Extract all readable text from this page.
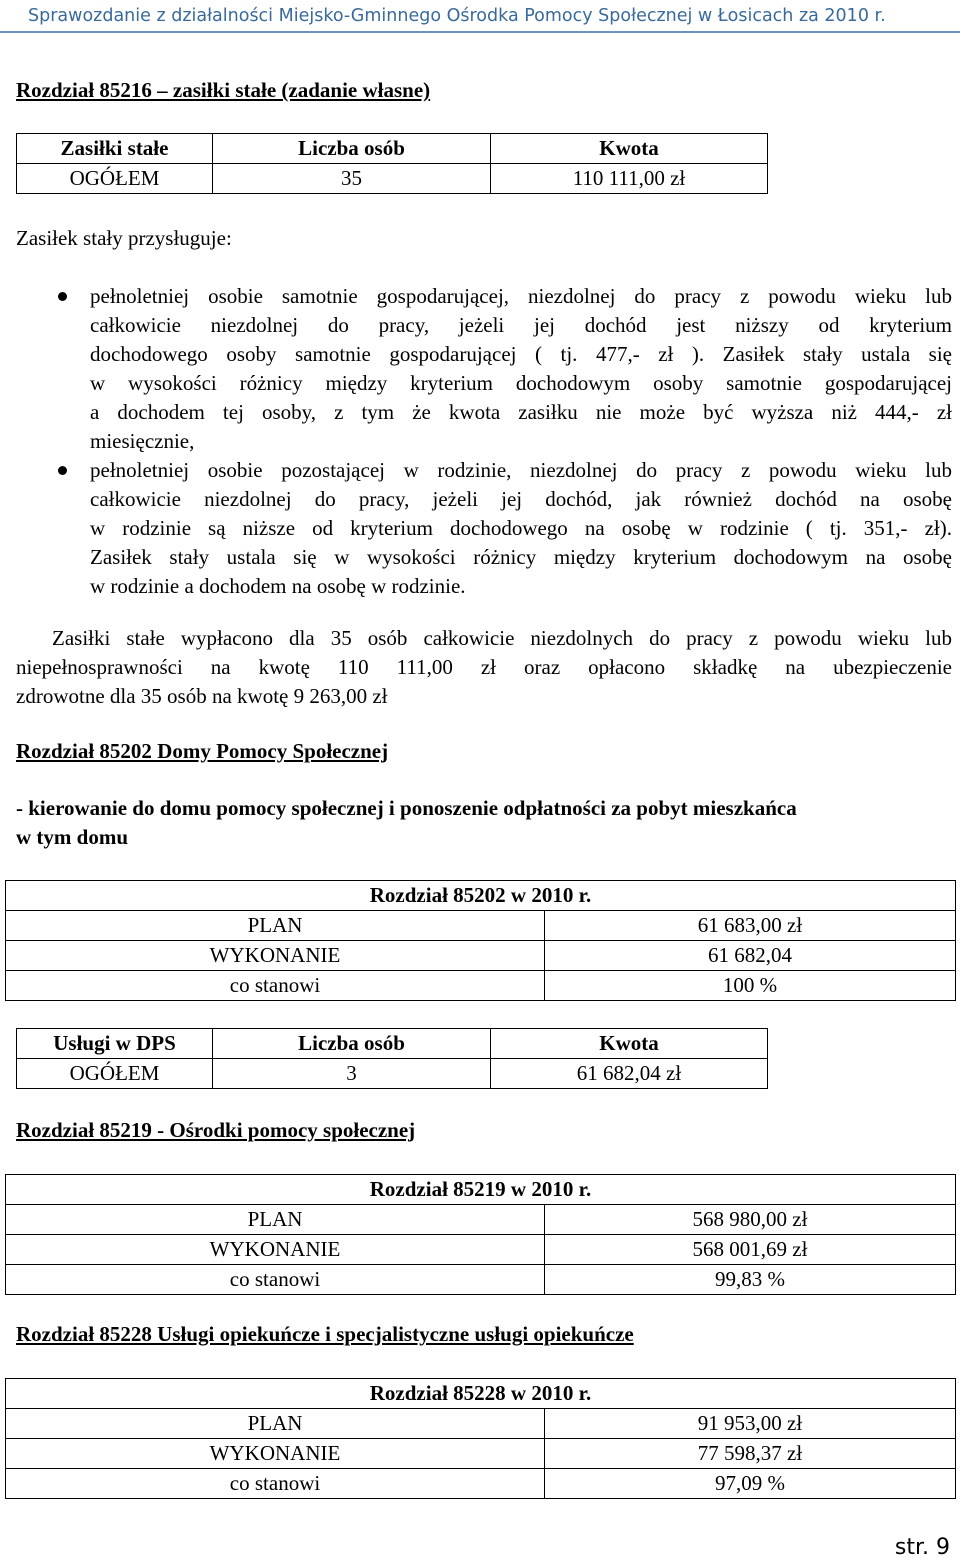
Sprawozdanie z działalności Miejsko-Gminnego Ośrodka Pomocy Społecznej w Łosicach za 2010 r.
Rozdział 85216 – zasiłki stałe (zadanie własne)
Zasiłki stałe	Liczba osób	Kwota
OGÓŁEM	35	110 111,00 zł
Zasiłek stały przysługuje:
pełnoletniej osobie samotnie gospodarującej, niezdolnej do pracy z powodu wieku lub
całkowicie niezdolnej do pracy, jeżeli jej dochód jest niższy od kryterium
dochodowego osoby samotnie gospodarującej ( tj. 477,- zł ). Zasiłek stały ustala się
w wysokości różnicy między kryterium dochodowym osoby samotnie gospodarującej
a dochodem tej osoby, z tym że kwota zasiłku nie może być wyższa niż 444,- zł
miesięcznie,
pełnoletniej osobie pozostającej w rodzinie, niezdolnej do pracy z powodu wieku lub
całkowicie niezdolnej do pracy, jeżeli jej dochód, jak również dochód na osobę
w rodzinie są niższe od kryterium dochodowego na osobę w rodzinie ( tj. 351,- zł).
Zasiłek stały ustala się w wysokości różnicy między kryterium dochodowym na osobę
w rodzinie a dochodem na osobę w rodzinie.
Zasiłki stałe wypłacono dla 35 osób całkowicie niezdolnych do pracy z powodu wieku lub
niepełnosprawności na kwotę 110 111,00 zł oraz opłacono składkę na ubezpieczenie
zdrowotne dla 35 osób na kwotę 9 263,00 zł
Rozdział 85202 Domy Pomocy Społecznej
- kierowanie do domu pomocy społecznej i ponoszenie odpłatności za pobyt mieszkańca
w tym domu
Rozdział 85202 w 2010 r.	
PLAN	61 683,00 zł
WYKONANIE	61 682,04
co stanowi	100 %
Usługi w DPS	Liczba osób	Kwota
OGÓŁEM	3	61 682,04 zł
Rozdział 85219 - Ośrodki pomocy społecznej
Rozdział 85219 w 2010 r.	
PLAN	568 980,00 zł
WYKONANIE	568 001,69 zł
co stanowi	99,83 %
Rozdział 85228 Usługi opiekuńcze i specjalistyczne usługi opiekuńcze
Rozdział 85228 w 2010 r.	
PLAN	91 953,00 zł
WYKONANIE	77 598,37 zł
co stanowi	97,09 %
str. 9
